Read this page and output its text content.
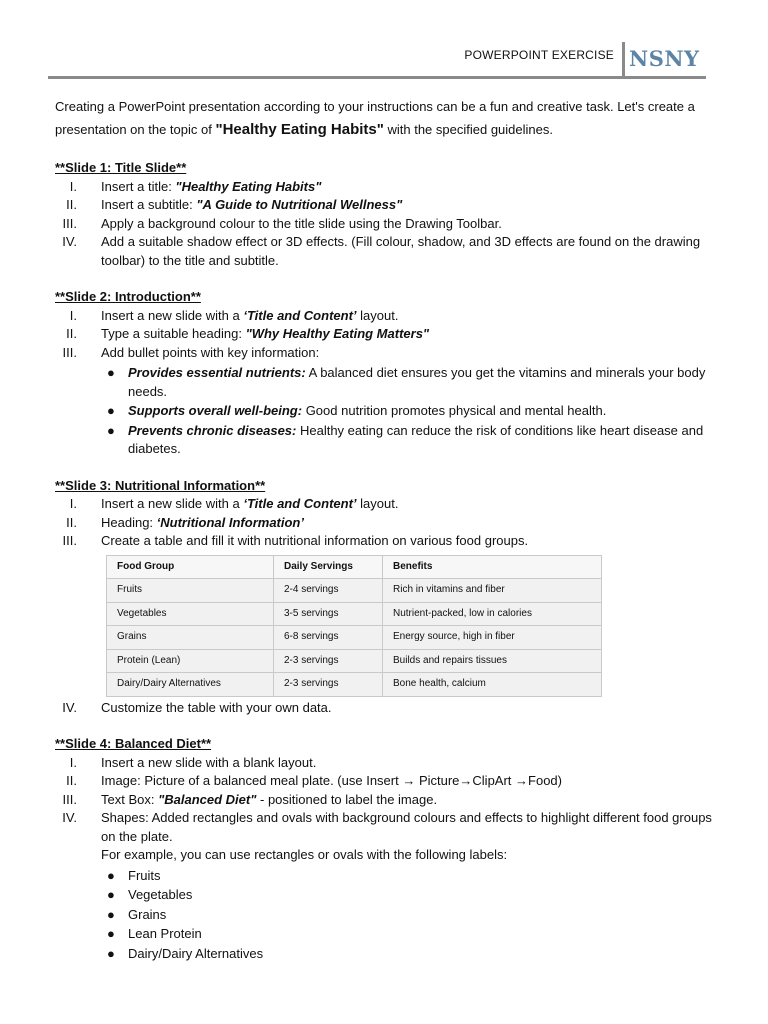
POWERPOINT EXERCISE NSNY

Creating a PowerPoint presentation according to your instructions can be a fun and creative task. Let's create a presentation on the topic of "Healthy Eating Habits" with the specified guidelines.

**Slide 1: Title Slide**

I. Insert a title: "Healthy Eating Habits"
II. Insert a subtitle: "A Guide to Nutritional Wellness"
III. Apply a background colour to the title slide using the Drawing Toolbar.
IV. Add a suitable shadow effect or 3D effects. (Fill colour, shadow, and 3D effects are found on the drawing toolbar) to the title and subtitle.

**Slide 2: Introduction**

I. Insert a new slide with a ‘Title and Content’ layout.
II. Type a suitable heading: "Why Healthy Eating Matters"
III. Add bullet points with key information:
● Provides essential nutrients: A balanced diet ensures you get the vitamins and minerals your body needs.
● Supports overall well-being: Good nutrition promotes physical and mental health.
● Prevents chronic diseases: Healthy eating can reduce the risk of conditions like heart disease and diabetes.

**Slide 3: Nutritional Information**

I. Insert a new slide with a ‘Title and Content’ layout.
II. Heading: ‘Nutritional Information’
III. Create a table and fill it with nutritional information on various food groups.
Food Group	Daily Servings	Benefits
Fruits	2-4 servings	Rich in vitamins and fiber
Vegetables	3-5 servings	Nutrient-packed, low in calories
Grains	6-8 servings	Energy source, high in fiber
Protein (Lean)	2-3 servings	Builds and repairs tissues
Dairy/Dairy Alternatives	2-3 servings	Bone health, calcium
IV. Customize the table with your own data.

**Slide 4: Balanced Diet**

I. Insert a new slide with a blank layout.
II. Image: Picture of a balanced meal plate. (use Insert → Picture→ClipArt →Food)
III. Text Box: "Balanced Diet" - positioned to label the image.
IV. Shapes: Added rectangles and ovals with background colours and effects to highlight different food groups on the plate.
For example, you can use rectangles or ovals with the following labels:
● Fruits
● Vegetables
● Grains
● Lean Protein
● Dairy/Dairy Alternatives
